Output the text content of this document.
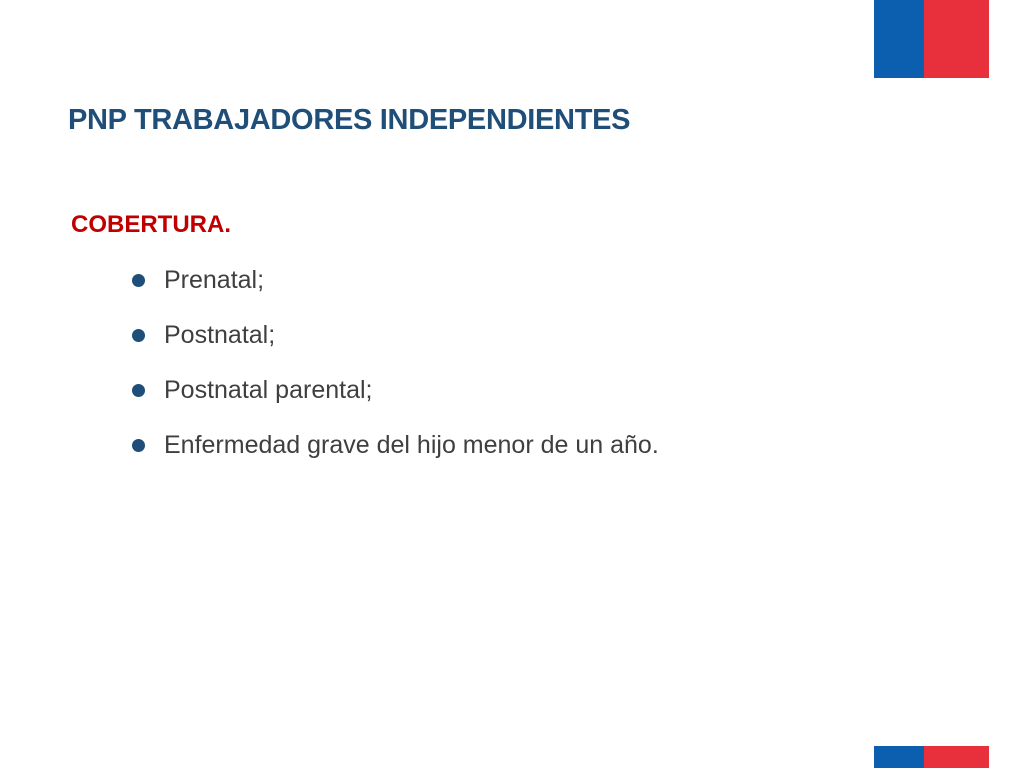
PNP TRABAJADORES INDEPENDIENTES
COBERTURA.
Prenatal;
Postnatal;
Postnatal parental;
Enfermedad grave del hijo menor de un año.
